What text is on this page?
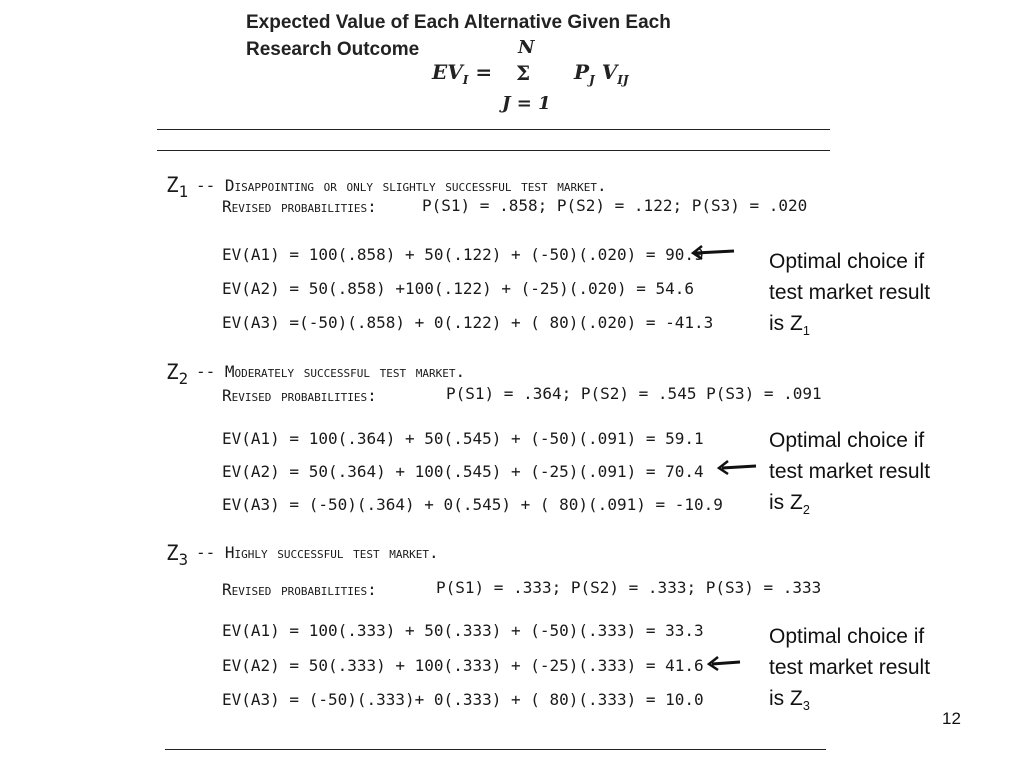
Expected Value of Each Alternative Given Each
Research Outcome	N
$EV_I = \Sigma$ $P_J$ $V_{IJ}$
J = 1
$Z_1$ -- Disappointing or only slightly successful test market.
Revised probabilities:	P(S1) = .858; P(S2) = .122; P(S3) = .020
EV(A1) = 100(.858) + 50(.122) + (-50)(.020) = 90.9
EV(A2) = 50(.858) +100(.122) + (-25)(.020) = 54.6
EV(A3) =(-50)(.858) + 0(.122) + ( 80)(.020) = -41.3
Optimal choice if
test market result
is $Z_1$
$Z_2$ -- Moderately successful test market.
Revised probabilities:	P(S1) = .364; P(S2) = .545 P(S3) = .091
EV(A1) = 100(.364) + 50(.545) + (-50)(.091) = 59.1
EV(A2) = 50(.364) + 100(.545) + (-25)(.091) = 70.4
EV(A3) = (-50)(.364) + 0(.545) + ( 80)(.091) = -10.9
Optimal choice if
test market result
is $Z_2$
$Z_3$ -- Highly successful test market.
Revised probabilities:	P(S1) = .333; P(S2) = .333; P(S3) = .333
EV(A1) = 100(.333) + 50(.333) + (-50)(.333) = 33.3
EV(A2) = 50(.333) + 100(.333) + (-25)(.333) = 41.6
EV(A3) = (-50)(.333)+ 0(.333) + ( 80)(.333) = 10.0
Optimal choice if
test market result
is $Z_3$
12
